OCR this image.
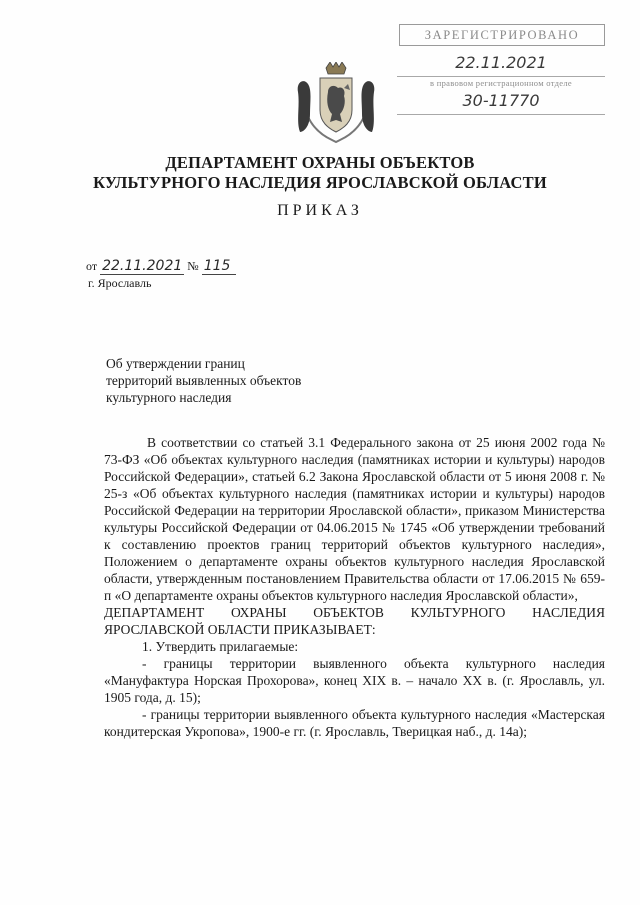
ЗАРЕГИСТРИРОВАНО
22.11.2021
в правовом регистрационном отделе
30-11770
ДЕПАРТАМЕНТ ОХРАНЫ ОБЪЕКТОВ
КУЛЬТУРНОГО НАСЛЕДИЯ ЯРОСЛАВСКОЙ ОБЛАСТИ
ПРИКАЗ
от 22.11.2021 № 115
г. Ярославль
Об утверждении границ
территорий выявленных объектов
культурного наследия

В соответствии со статьей 3.1 Федерального закона от 25 июня 2002 года № 73-ФЗ «Об объектах культурного наследия (памятниках истории и культуры) народов Российской Федерации», статьей 6.2 Закона Ярославской области от 5 июня 2008 г. № 25-з «Об объектах культурного наследия (памятниках истории и культуры) народов Российской Федерации на территории Ярославской области», приказом Министерства культуры Российской Федерации от 04.06.2015 № 1745 «Об утверждении требований к составлению проектов границ территорий объектов культурного наследия», Положением о департаменте охраны объектов культурного наследия Ярославской области, утвержденным постановлением Правительства области от 17.06.2015 № 659-п «О департаменте охраны объектов культурного наследия Ярославской области»,

ДЕПАРТАМЕНТ ОХРАНЫ ОБЪЕКТОВ КУЛЬТУРНОГО НАСЛЕДИЯ ЯРОСЛАВСКОЙ ОБЛАСТИ ПРИКАЗЫВАЕТ:

1. Утвердить прилагаемые:

- границы территории выявленного объекта культурного наследия «Мануфактура Норская Прохорова», конец XIX в. – начало XX в. (г. Ярославль, ул. 1905 года, д. 15);

- границы территории выявленного объекта культурного наследия «Мастерская кондитерская Укропова», 1900-е гг. (г. Ярославль, Тверицкая наб., д. 14а);
